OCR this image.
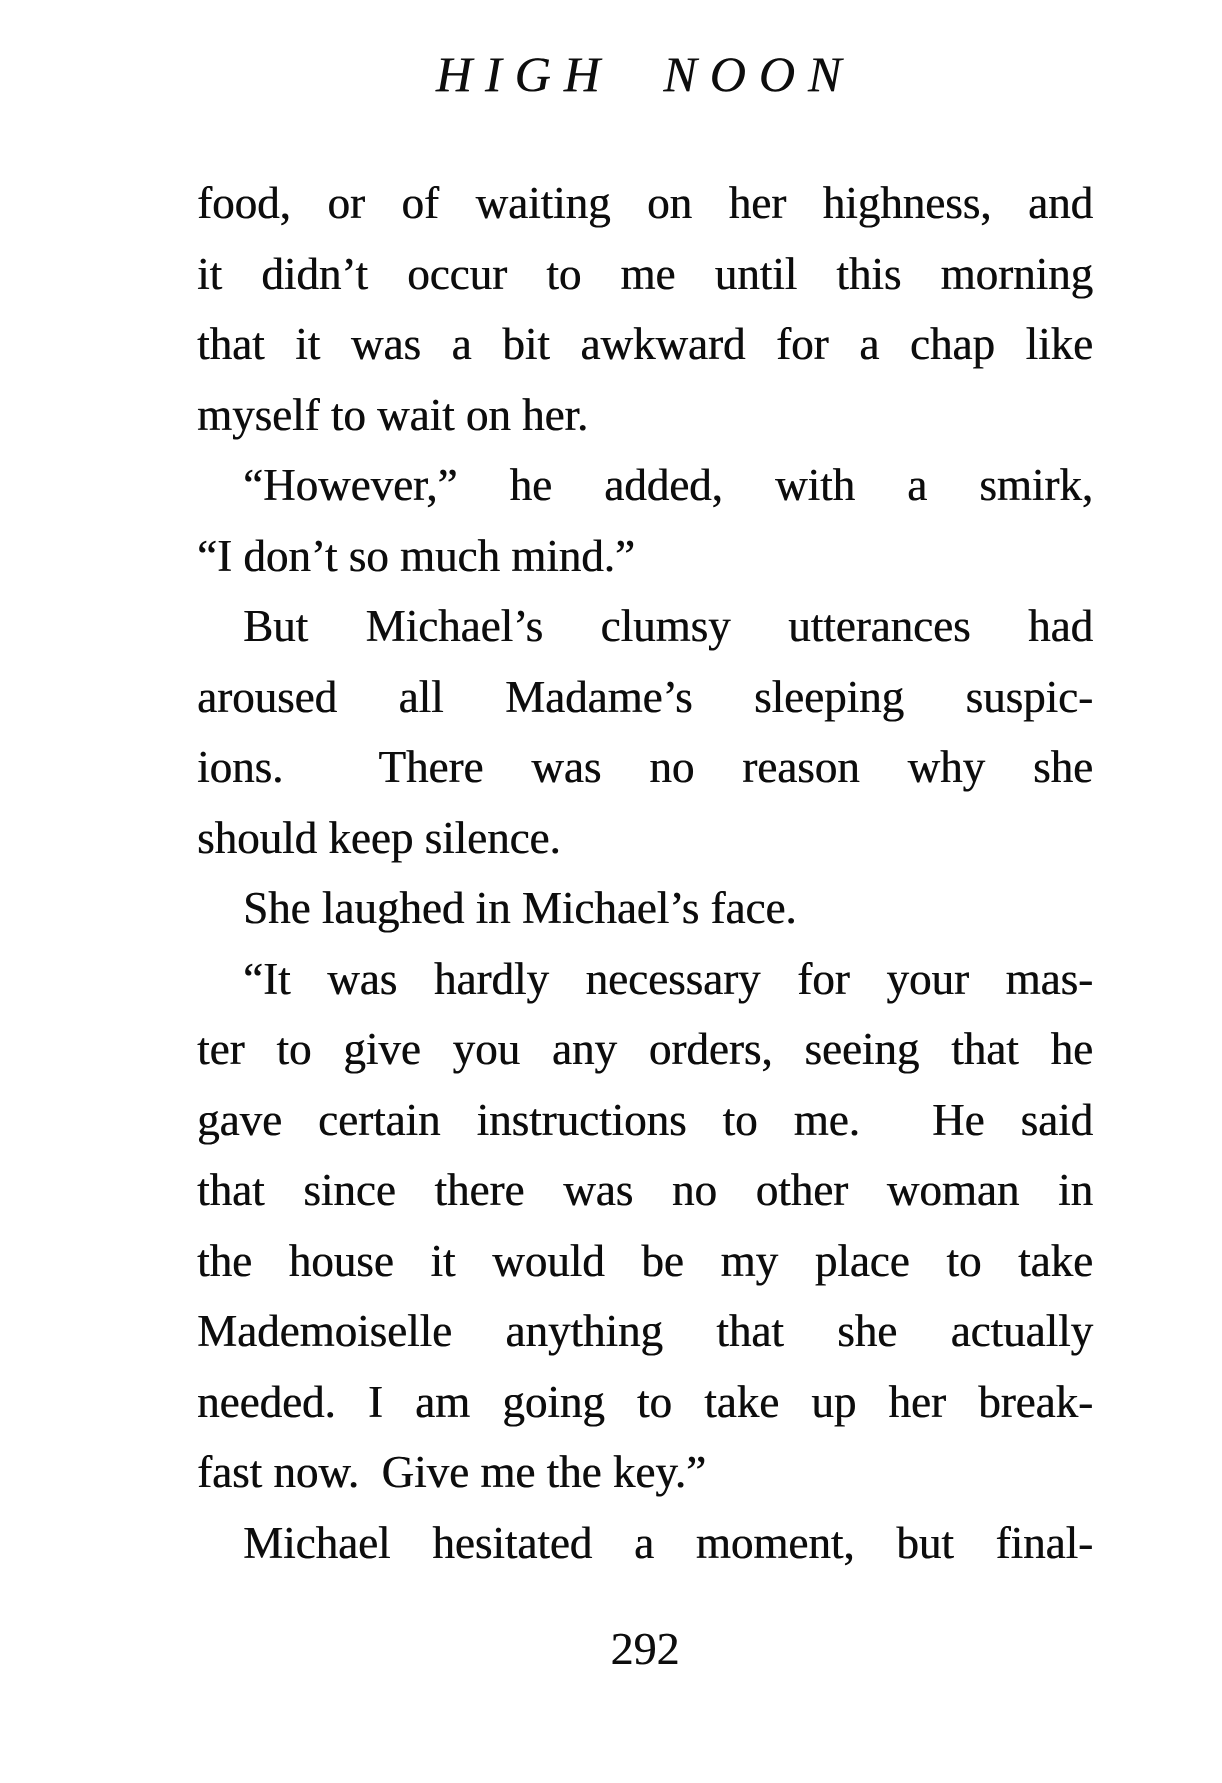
HIGH NOON
food, or of waiting on her highness, and
it didn’t occur to me until this morning
that it was a bit awkward for a chap like
myself to wait on her.
“However,” he added, with a smirk,
“I don’t so much mind.”
But Michael’s clumsy utterances had
aroused all Madame’s sleeping suspic-
ions.  There was no reason why she
should keep silence.
She laughed in Michael’s face.
“It was hardly necessary for your mas-
ter to give you any orders, seeing that he
gave certain instructions to me.  He said
that since there was no other woman in
the house it would be my place to take
Mademoiselle anything that she actually
needed. I am going to take up her break-
fast now.  Give me the key.”
Michael hesitated a moment, but final-
292
